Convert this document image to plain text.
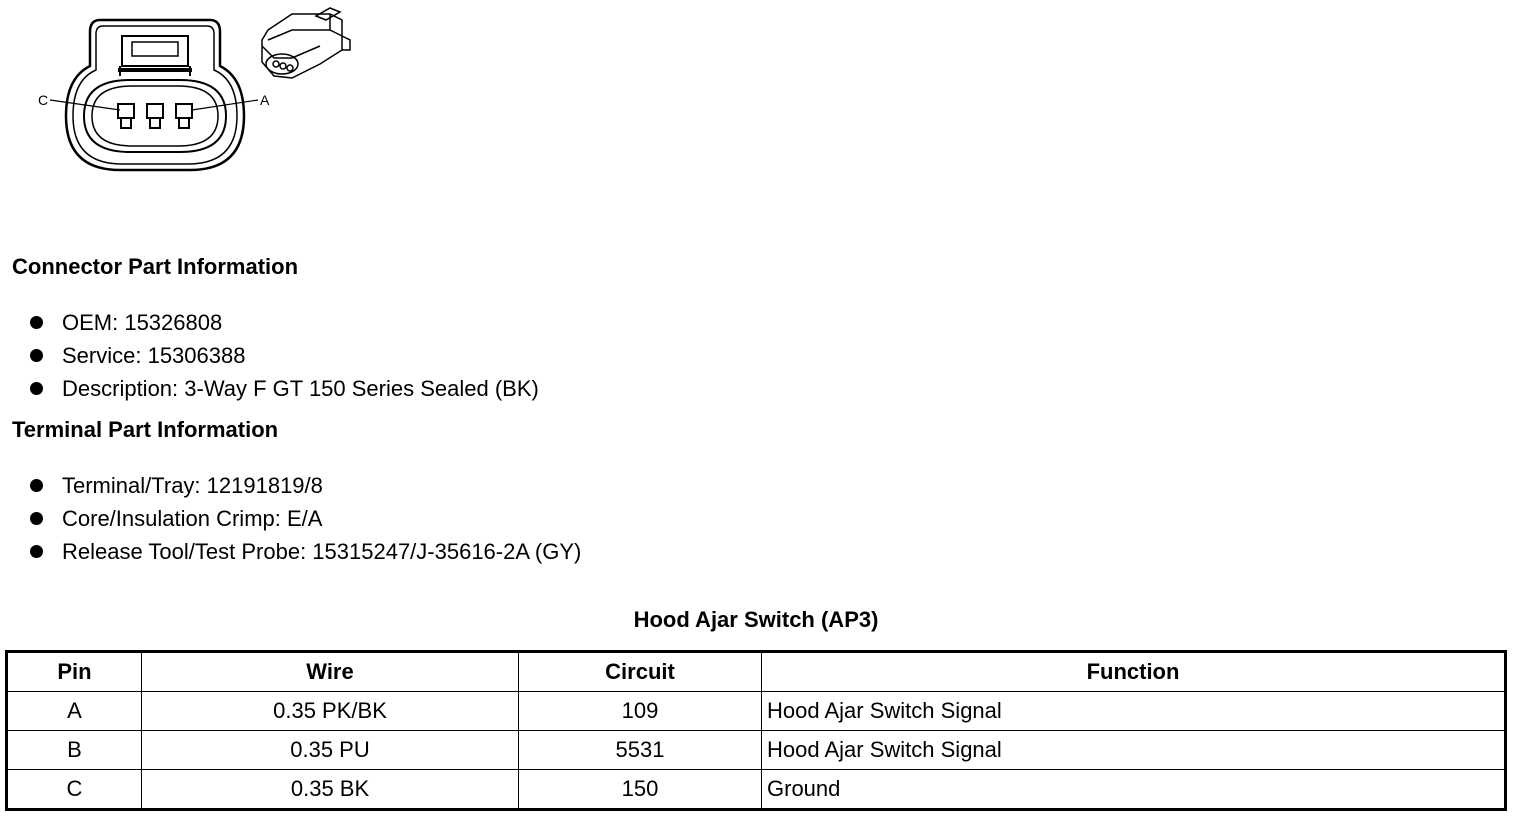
C	A
Connector Part Information
OEM: 15326808
Service: 15306388
Description: 3-Way F GT 150 Series Sealed (BK)
Terminal Part Information
Terminal/Tray: 12191819/8
Core/Insulation Crimp: E/A
Release Tool/Test Probe: 15315247/J-35616-2A (GY)
Hood Ajar Switch (AP3)
Pin	Wire	Circuit	Function
A	0.35 PK/BK	109	Hood Ajar Switch Signal
B	0.35 PU	5531	Hood Ajar Switch Signal
C	0.35 BK	150	Ground
